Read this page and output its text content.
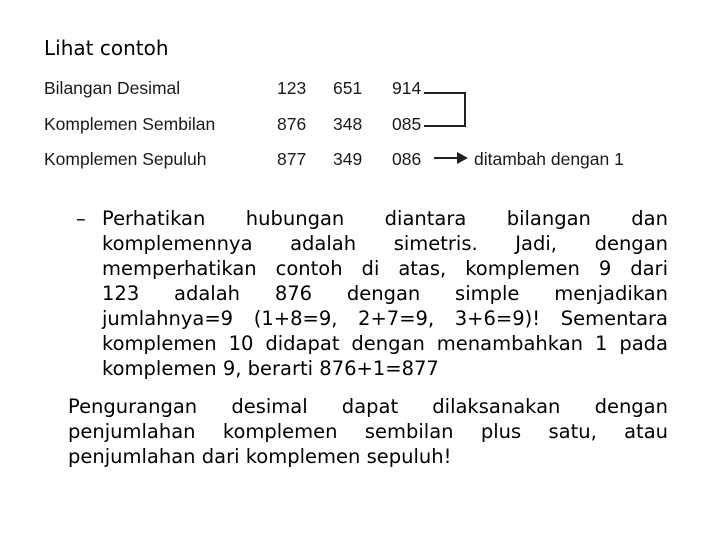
Lihat contoh
Bilangan Desimal	123 651 914
Komplemen Sembilan	876 348 085
Komplemen Sepuluh	877 349 086	ditambah dengan 1
– Perhatikan hubungan diantara bilangan dan
komplemennya adalah simetris. Jadi, dengan
memperhatikan contoh di atas, komplemen 9 dari
123 adalah 876 dengan simple menjadikan
jumlahnya=9 (1+8=9, 2+7=9, 3+6=9)! Sementara
komplemen 10 didapat dengan menambahkan 1 pada
komplemen 9, berarti 876+1=877
Pengurangan desimal dapat dilaksanakan dengan
penjumlahan komplemen sembilan plus satu, atau
penjumlahan dari komplemen sepuluh!
